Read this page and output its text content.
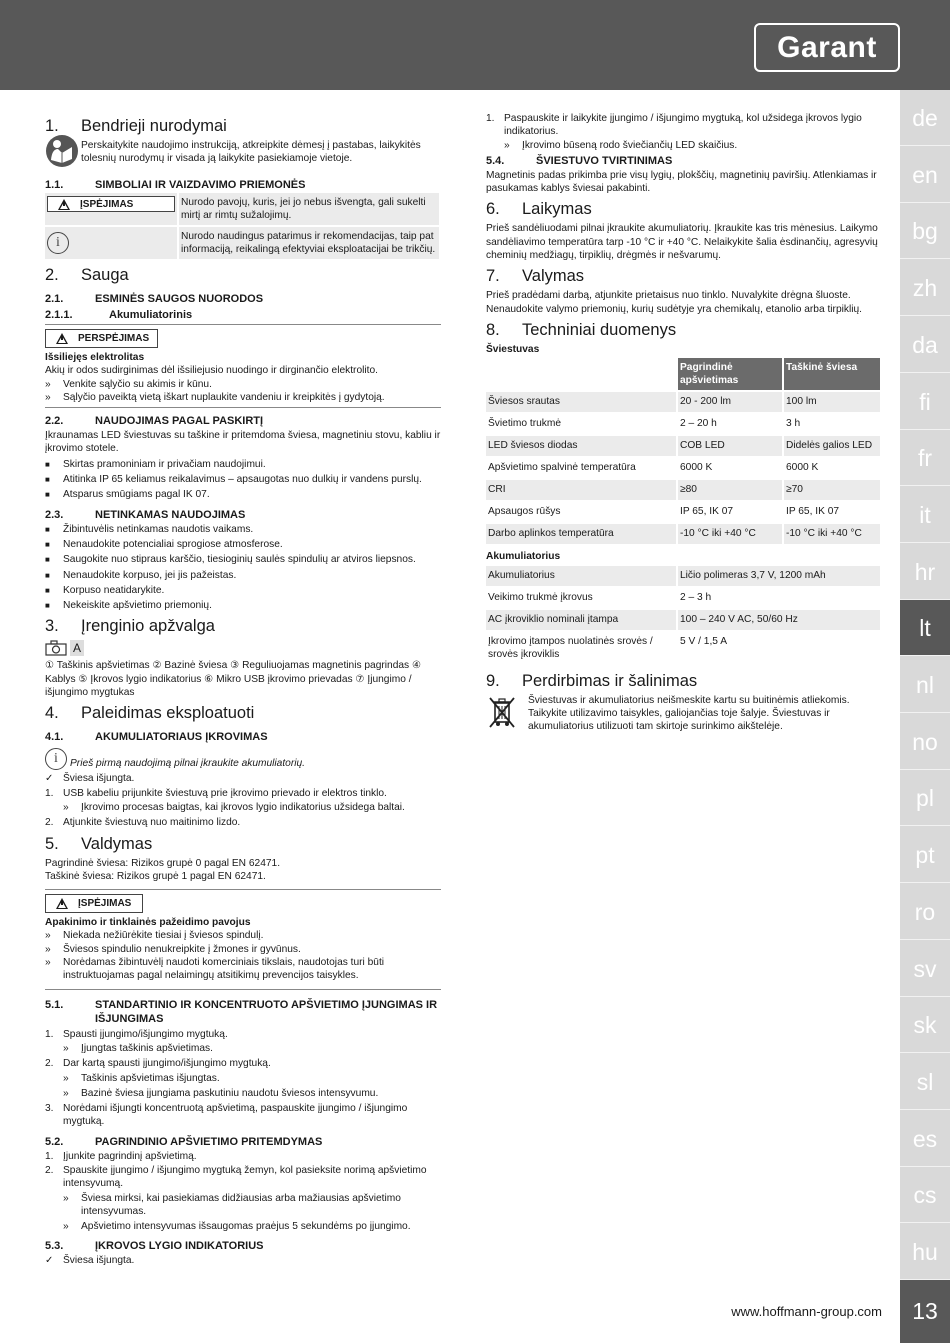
Garant
de
en
bg
zh
da
fi
fr
it
hr
lt
nl
no
pl
pt
ro
sv
sk
sl
es
cs
hu
13
www.hoffmann-group.com
1.	Bendrieji nurodymai

Perskaitykite naudojimo instrukciją, atkreipkite dėmesį į pastabas, laikykitės tolesnių nurodymų ir visada ją laikykite pasiekiamoje vietoje.

1.1.	SIMBOLIAI IR VAIZDAVIMO PRIEMONĖS
ĮSPĖJIMAS	Nurodo pavojų, kuris, jei jo nebus išvengta, gali sukelti mirtį ar rimtų sužalojimų.
i	Nurodo naudingus patarimus ir rekomendacijas, taip pat informaciją, reikalingą efektyviai eksploatacijai be trikčių.
2.	Sauga
2.1.	ESMINĖS SAUGOS NUORODOS
2.1.1.	Akumuliatorinis
PERSPĖJIMAS

Išsiliejęs elektrolitas

Akių ir odos sudirginimas dėl išsiliejusio nuodingo ir dirginančio elektrolito.

»	Venkite sąlyčio su akimis ir kūnu.
»	Sąlyčio paveiktą vietą iškart nuplaukite vandeniu ir kreipkitės į gydytoją.
2.2.	NAUDOJIMAS PAGAL PASKIRTĮ

Įkraunamas LED šviestuvas su taškine ir pritemdoma šviesa, magnetiniu stovu, kabliu ir įkrovimo stotele.

■	Skirtas pramoniniam ir privačiam naudojimui.
■	Atitinka IP 65 keliamus reikalavimus – apsaugotas nuo dulkių ir vandens purslų.
■	Atsparus smūgiams pagal IK 07.
2.3.	NETINKAMAS NAUDOJIMAS
■	Žibintuvėlis netinkamas naudotis vaikams.
■	Nenaudokite potencialiai sprogiose atmosferose.
■	Saugokite nuo stipraus karščio, tiesioginių saulės spindulių ar atviros liepsnos.
■	Nenaudokite korpuso, jei jis pažeistas.
■	Korpuso neatidarykite.
■	Nekeiskite apšvietimo priemonių.
3.	Įrenginio apžvalga
A

① Taškinis apšvietimas ② Bazinė šviesa ③ Reguliuojamas magnetinis pagrindas ④ Kablys ⑤ Įkrovos lygio indikatorius ⑥ Mikro USB įkrovimo prievadas ⑦ Įjungimo / išjungimo mygtukas

4.	Paleidimas eksploatuoti
4.1.	AKUMULIATORIAUS ĮKROVIMAS
i	Prieš pirmą naudojimą pilnai įkraukite akumuliatorių.

✓ Šviesa išjungta.
1. USB kabeliu prijunkite šviestuvą prie įkrovimo prievado ir elektros tinklo.
»	Įkrovimo procesas baigtas, kai įkrovos lygio indikatorius užsidega baltai.
2. Atjunkite šviestuvą nuo maitinimo lizdo.
5.	Valdymas

Pagrindinė šviesa: Rizikos grupė 0 pagal EN 62471.

Taškinė šviesa: Rizikos grupė 1 pagal EN 62471.

ĮSPĖJIMAS

Apakinimo ir tinklainės pažeidimo pavojus

»	Niekada nežiūrėkite tiesiai į šviesos spindulį.
»	Šviesos spindulio nenukreipkite į žmones ir gyvūnus.
»	Norėdamas žibintuvėlį naudoti komerciniais tikslais, naudotojas turi būti instruktuojamas pagal nelaimingų atsitikimų prevencijos taisykles.
5.1.	STANDARTINIO IR KONCENTRUOTO APŠVIETIMO ĮJUNGIMAS IR IŠJUNGIMAS
1. Spausti įjungimo/išjungimo mygtuką.
»	Įjungtas taškinis apšvietimas.
2. Dar kartą spausti įjungimo/išjungimo mygtuką.
»	Taškinis apšvietimas išjungtas.
»	Bazinė šviesa įjungiama paskutiniu naudotu šviesos intensyvumu.
3. Norėdami išjungti koncentruotą apšvietimą, paspauskite įjungimo / išjungimo mygtuką.
5.2.	PAGRINDINIO APŠVIETIMO PRITEMDYMAS
1. Įjunkite pagrindinį apšvietimą.
2. Spauskite įjungimo / išjungimo mygtuką žemyn, kol pasieksite norimą apšvietimo intensyvumą.
»	Šviesa mirksi, kai pasiekiamas didžiausias arba mažiausias apšvietimo intensyvumas.
»	Apšvietimo intensyvumas išsaugomas praėjus 5 sekundėms po įjungimo.
5.3.	ĮKROVOS LYGIO INDIKATORIUS
✓ Šviesa išjungta.
1. Paspauskite ir laikykite įjungimo / išjungimo mygtuką, kol užsidega įkrovos lygio indikatorius.
»	Įkrovimo būseną rodo šviečiančių LED skaičius.
5.4.	ŠVIESTUVO TVIRTINIMAS

Magnetinis padas prikimba prie visų lygių, plokščių, magnetinių paviršių. Atlenkiamas ir pasukamas kablys šviesai pakabinti.

6.	Laikymas

Prieš sandėliuodami pilnai įkraukite akumuliatorių. Įkraukite kas tris mėnesius. Laikymo sandėliavimo temperatūra tarp -10 °C ir +40 °C. Nelaikykite šalia ėsdinančių, agresyvių cheminių medžiagų, tirpiklių, drėgmės ir nešvarumų.

7.	Valymas

Prieš pradėdami darbą, atjunkite prietaisus nuo tinklo. Nuvalykite drėgna šluoste. Nenaudokite valymo priemonių, kurių sudėtyje yra chemikalų, etanolio arba tirpiklių.

8.	Techniniai duomenys

Šviestuvas

	Pagrindinė apšvietimas	Taškinė šviesa
Šviesos srautas	20 - 200 lm	100 lm
Švietimo trukmė	2 – 20 h	3 h
LED šviesos diodas	COB LED	Didelės galios LED
Apšvietimo spalvinė temperatūra	6000 K	6000 K
CRI	≥80	≥70
Apsaugos rūšys	IP 65, IK 07	IP 65, IK 07
Darbo aplinkos temperatūra	-10 °C iki +40 °C	-10 °C iki +40 °C

Akumuliatorius

Akumuliatorius	Ličio polimeras 3,7 V, 1200 mAh
Veikimo trukmė įkrovus	2 – 3 h
AC įkroviklio nominali įtampa	100 – 240 V AC, 50/60 Hz
Įkrovimo įtampos nuolatinės srovės / srovės įkroviklis	5 V / 1,5 A
9.	Perdirbimas ir šalinimas

Šviestuvas ir akumuliatorius neišmeskite kartu su buitinėmis atliekomis. Taikykite utilizavimo taisykles, galiojančias toje šalyje. Šviestuvas ir akumuliatorius utilizuoti tam skirtoje surinkimo aikštelėje.
